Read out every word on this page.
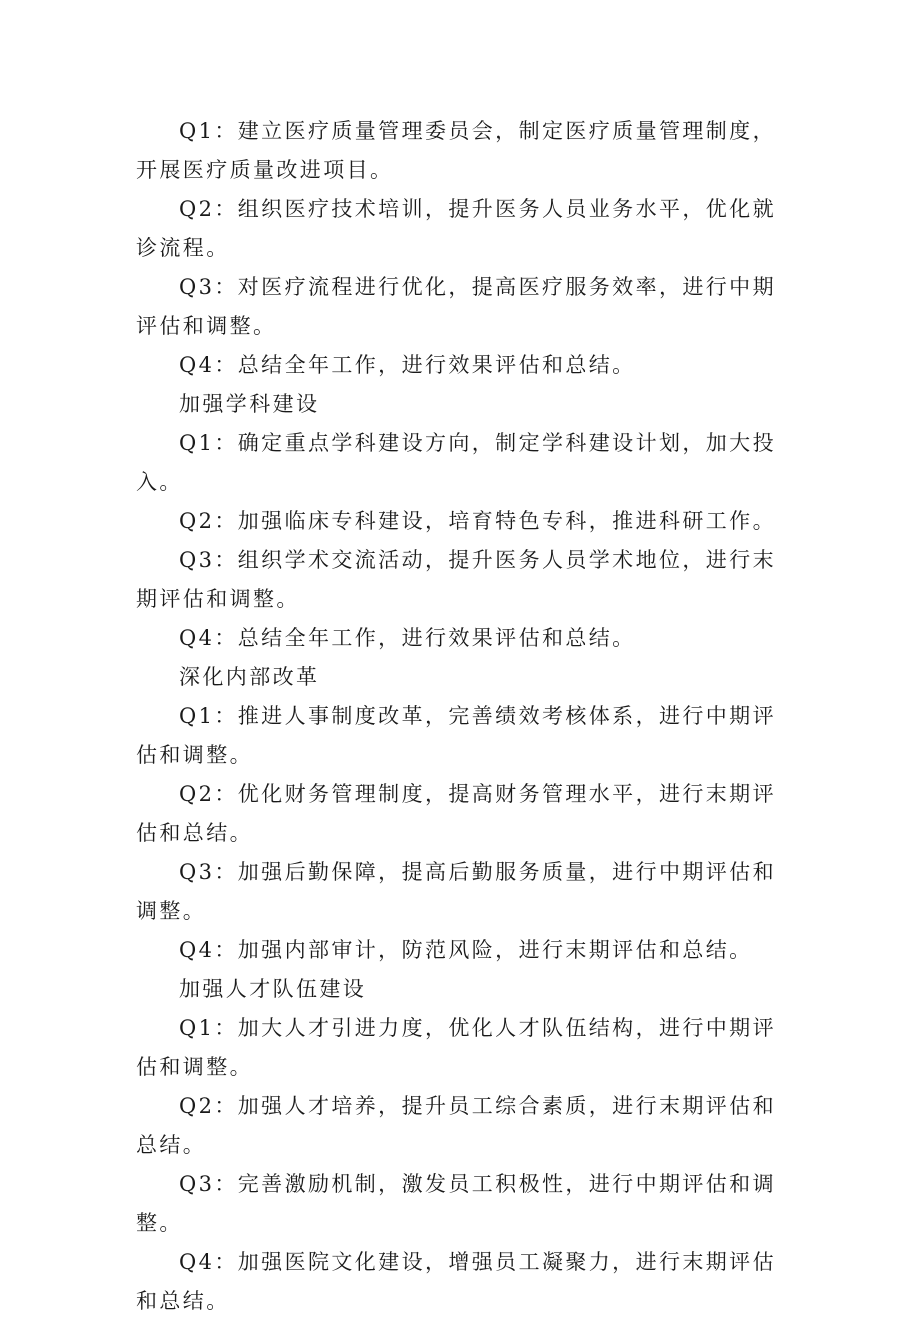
Q1：建立医疗质量管理委员会，制定医疗质量管理制度，开展医疗质量改进项目。

Q2：组织医疗技术培训，提升医务人员业务水平，优化就诊流程。

Q3：对医疗流程进行优化，提高医疗服务效率，进行中期评估和调整。

Q4：总结全年工作，进行效果评估和总结。

加强学科建设

Q1：确定重点学科建设方向，制定学科建设计划，加大投入。

Q2：加强临床专科建设，培育特色专科，推进科研工作。

Q3：组织学术交流活动，提升医务人员学术地位，进行末期评估和调整。

Q4：总结全年工作，进行效果评估和总结。

深化内部改革

Q1：推进人事制度改革，完善绩效考核体系，进行中期评估和调整。

Q2：优化财务管理制度，提高财务管理水平，进行末期评估和总结。

Q3：加强后勤保障，提高后勤服务质量，进行中期评估和调整。

Q4：加强内部审计，防范风险，进行末期评估和总结。

加强人才队伍建设

Q1：加大人才引进力度，优化人才队伍结构，进行中期评估和调整。

Q2：加强人才培养，提升员工综合素质，进行末期评估和总结。

Q3：完善激励机制，激发员工积极性，进行中期评估和调整。

Q4：加强医院文化建设，增强员工凝聚力，进行末期评估和总结。
